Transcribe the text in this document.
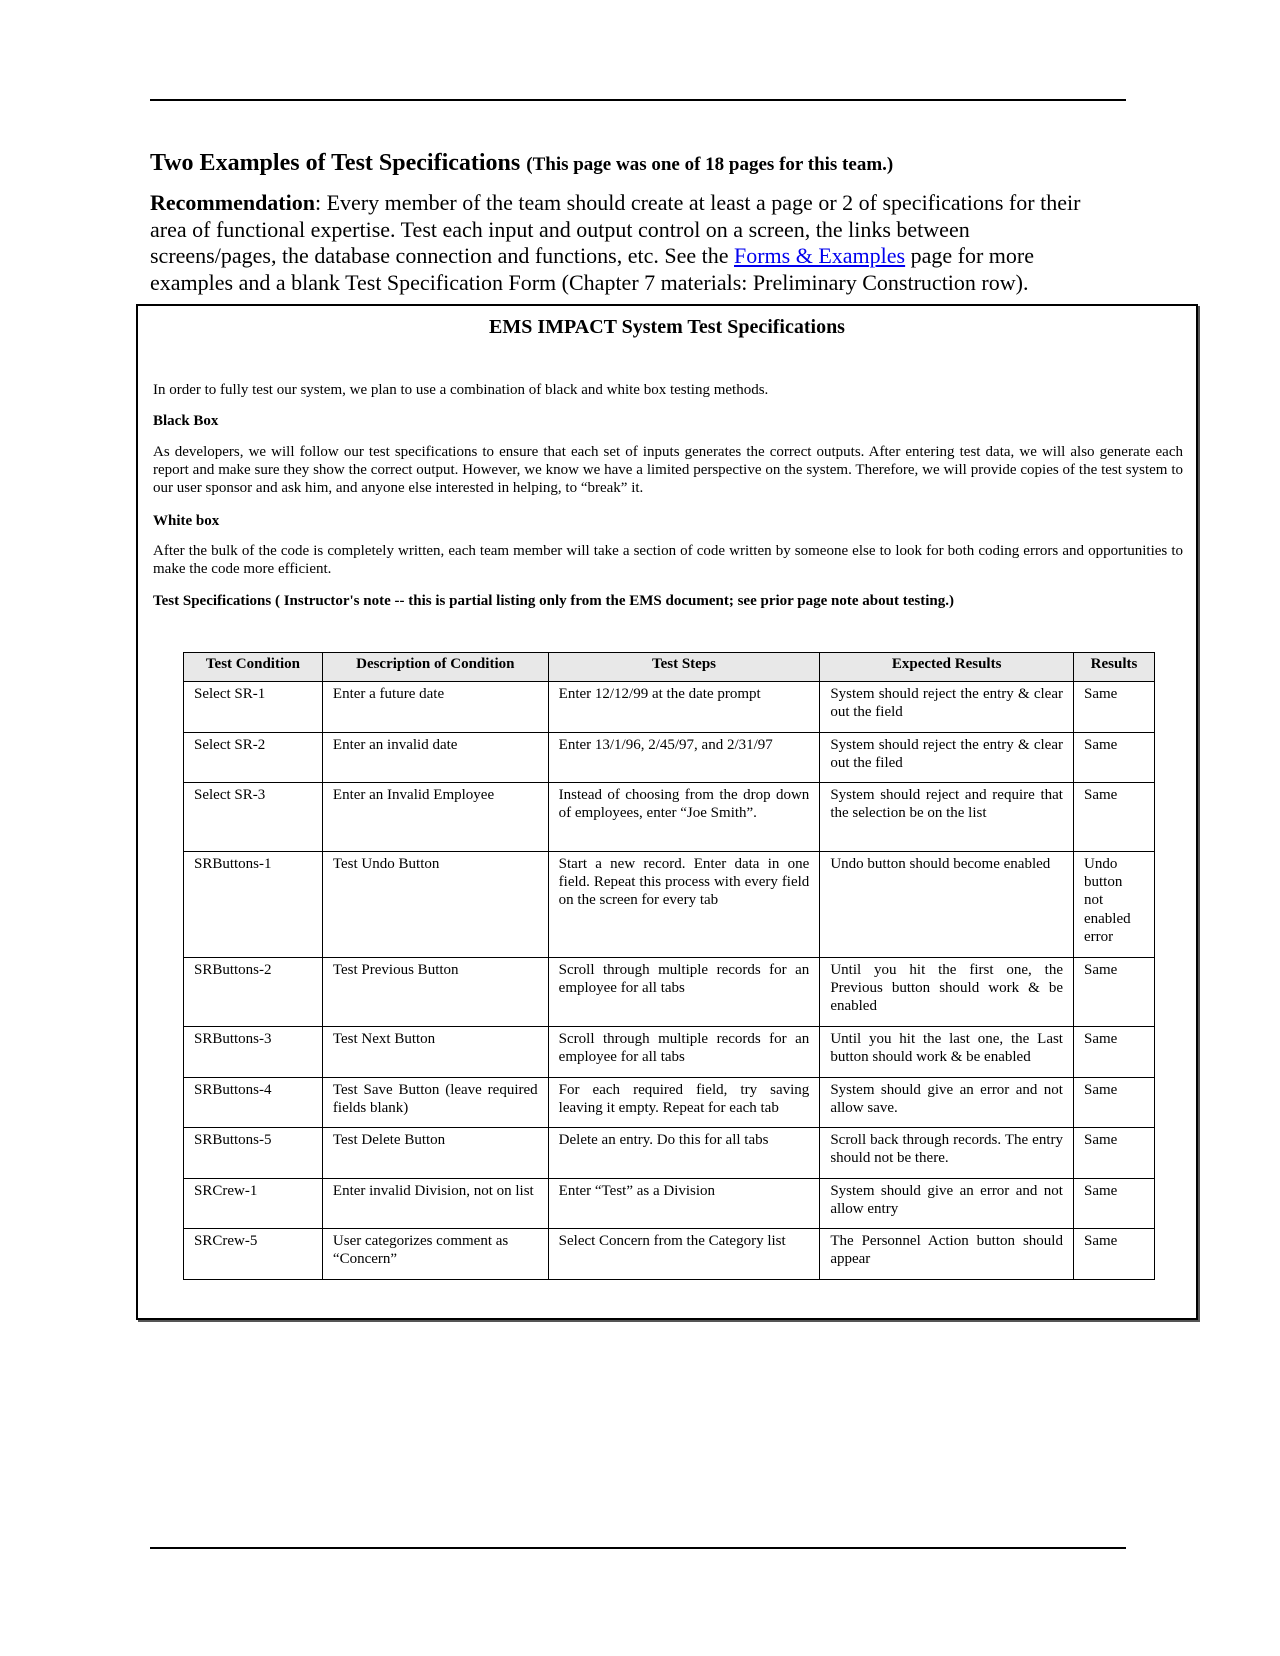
Two Examples of Test Specifications (This page was one of 18 pages for this team.)
Recommendation: Every member of the team should create at least a page or 2 of specifications for their area of functional expertise. Test each input and output control on a screen, the links between screens/pages, the database connection and functions, etc. See the Forms & Examples page for more examples and a blank Test Specification Form (Chapter 7 materials: Preliminary Construction row).
EMS IMPACT System Test Specifications
In order to fully test our system, we plan to use a combination of black and white box testing methods.
Black Box
As developers, we will follow our test specifications to ensure that each set of inputs generates the correct outputs. After entering test data, we will also generate each report and make sure they show the correct output. However, we know we have a limited perspective on the system. Therefore, we will provide copies of the test system to our user sponsor and ask him, and anyone else interested in helping, to “break” it.
White box
After the bulk of the code is completely written, each team member will take a section of code written by someone else to look for both coding errors and opportunities to make the code more efficient.
Test Specifications ( Instructor's note -- this is partial listing only from the EMS document; see prior page note about testing.)
Test Condition	Description of Condition	Test Steps	Expected Results	Results
Select SR-1	Enter a future date	Enter 12/12/99 at the date prompt	System should reject the entry & clear out the field	Same
Select SR-2	Enter an invalid date	Enter 13/1/96, 2/45/97, and 2/31/97	System should reject the entry & clear out the filed	Same
Select SR-3	Enter an Invalid Employee	Instead of choosing from the drop down of employees, enter “Joe Smith”.	System should reject and require that the selection be on the list	Same
SRButtons-1	Test Undo Button	Start a new record. Enter data in one field. Repeat this process with every field on the screen for every tab	Undo button should become enabled	Undo button not enabled error
SRButtons-2	Test Previous Button	Scroll through multiple records for an employee for all tabs	Until you hit the first one, the Previous button should work & be enabled	Same
SRButtons-3	Test Next Button	Scroll through multiple records for an employee for all tabs	Until you hit the last one, the Last button should work & be enabled	Same
SRButtons-4	Test Save Button (leave required fields blank)	For each required field, try saving leaving it empty. Repeat for each tab	System should give an error and not allow save.	Same
SRButtons-5	Test Delete Button	Delete an entry. Do this for all tabs	Scroll back through records. The entry should not be there.	Same
SRCrew-1	Enter invalid Division, not on list	Enter “Test” as a Division	System should give an error and not allow entry	Same
SRCrew-5	User categorizes comment as “Concern”	Select Concern from the Category list	The Personnel Action button should appear	Same
